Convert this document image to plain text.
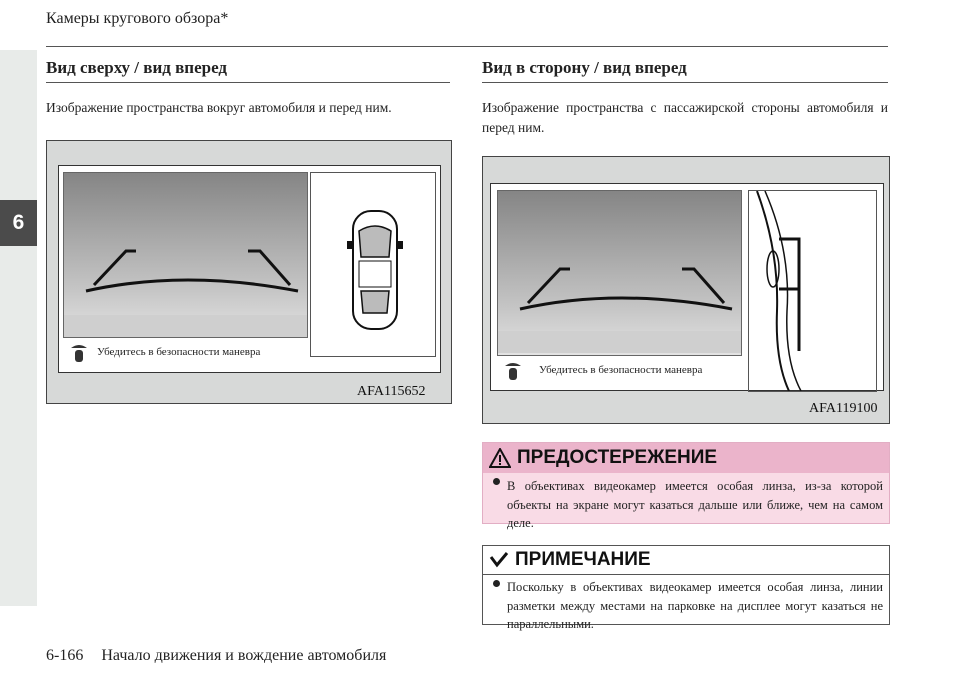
6
Камеры кругового обзора*
Вид сверху / вид вперед
Изображение пространства вокруг автомобиля и перед ним.
Убедитесь в безопасности маневра
AFA115652
Вид в сторону / вид вперед
Изображение пространства с пассажирской стороны автомобиля и перед ним.
Убедитесь в безопасности маневра
AFA119100
ПРЕДОСТЕРЕЖЕНИЕ
В объективах видеокамер имеется особая линза, из-за которой объекты на экране могут казаться дальше или ближе, чем на самом деле.
ПРИМЕЧАНИЕ
Поскольку в объективах видеокамер имеется особая линза, линии разметки между местами на парковке на дисплее могут казаться не параллельными.
6-166 Начало движения и вождение автомобиля
